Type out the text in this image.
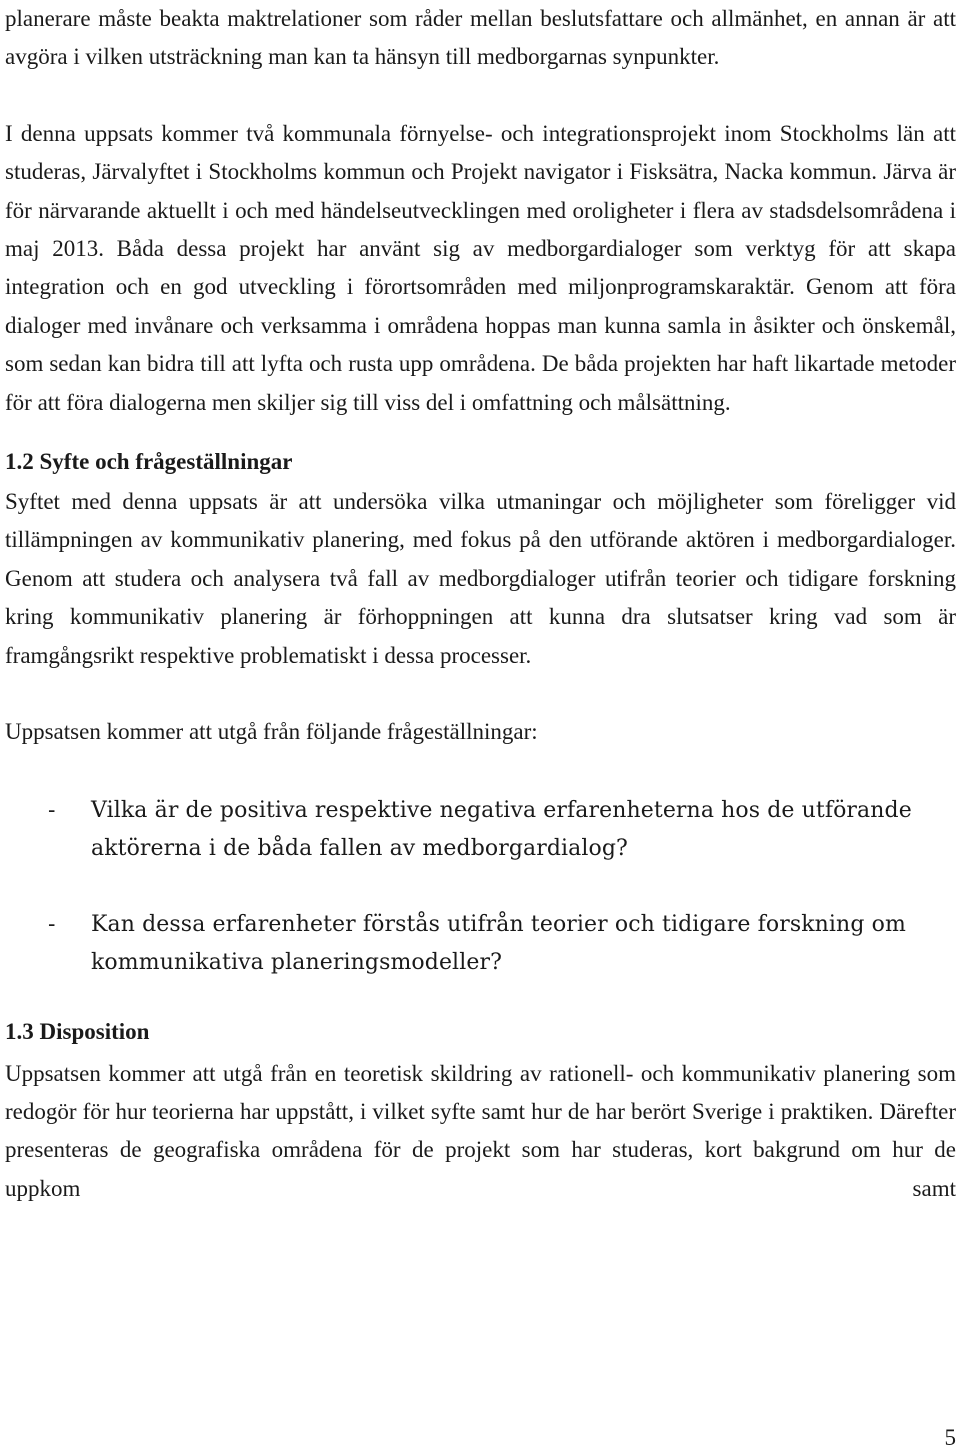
planerare måste beakta maktrelationer som råder mellan beslutsfattare och allmänhet, en annan är att avgöra i vilken utsträckning man kan ta hänsyn till medborgarnas synpunkter.

I denna uppsats kommer två kommunala förnyelse- och integrationsprojekt inom Stockholms län att studeras, Järvalyftet i Stockholms kommun och Projekt navigator i Fisksätra, Nacka kommun. Järva är för närvarande aktuellt i och med händelseutvecklingen med oroligheter i flera av stadsdelsområdena i maj 2013. Båda dessa projekt har använt sig av medborgardialoger som verktyg för att skapa integration och en god utveckling i förortsområden med miljonprogramskaraktär. Genom att föra dialoger med invånare och verksamma i områdena hoppas man kunna samla in åsikter och önskemål, som sedan kan bidra till att lyfta och rusta upp områdena. De båda projekten har haft likartade metoder för att föra dialogerna men skiljer sig till viss del i omfattning och målsättning.

1.2 Syfte och frågeställningar

Syftet med denna uppsats är att undersöka vilka utmaningar och möjligheter som föreligger vid tillämpningen av kommunikativ planering, med fokus på den utförande aktören i medborgardialoger. Genom att studera och analysera två fall av medborgdialoger utifrån teorier och tidigare forskning kring kommunikativ planering är förhoppningen att kunna dra slutsatser kring vad som är framgångsrikt respektive problematiskt i dessa processer.

Uppsatsen kommer att utgå från följande frågeställningar:

- Vilka är de positiva respektive negativa erfarenheterna hos de utförande aktörerna i de båda fallen av medborgardialog?
- Kan dessa erfarenheter förstås utifrån teorier och tidigare forskning om kommunikativa planeringsmodeller?
1.3 Disposition

Uppsatsen kommer att utgå från en teoretisk skildring av rationell- och kommunikativ planering som redogör för hur teorierna har uppstått, i vilket syfte samt hur de har berört Sverige i praktiken. Därefter presenteras de geografiska områdena för de projekt som har studeras, kort bakgrund om hur de uppkom samt

5
